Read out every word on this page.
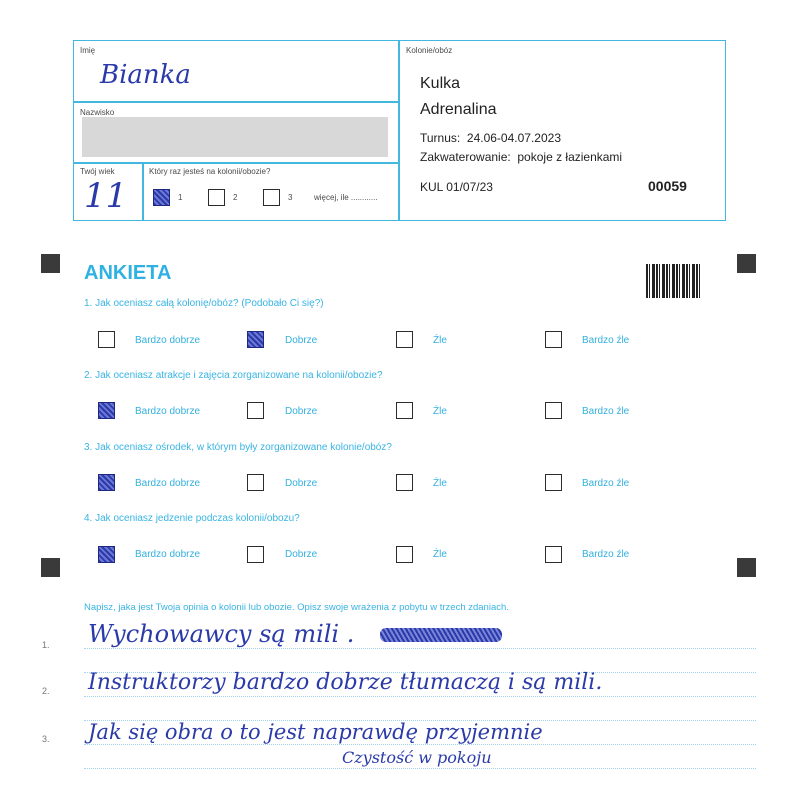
Imię
Bianka
Nazwisko
Twój wiek
11
Który raz jesteś na kolonii/obozie?
1	2	3	więcej, ile ............
Kolonie/obóz
Kulka
Adrenalina
Turnus:  24.06-04.07.2023
Zakwaterowanie:  pokoje z łazienkami
KUL 01/07/23	00059
ANKIETA
1. Jak oceniasz całą kolonię/obóz? (Podobało Ci się?)
Bardzo dobrze	Dobrze	Źle	Bardzo źle
2. Jak oceniasz atrakcje i zajęcia zorganizowane na kolonii/obozie?
Bardzo dobrze	Dobrze	Źle	Bardzo źle
3. Jak oceniasz ośrodek, w którym były zorganizowane kolonie/obóz?
Bardzo dobrze	Dobrze	Źle	Bardzo źle
4. Jak oceniasz jedzenie podczas kolonii/obozu?
Bardzo dobrze	Dobrze	Źle	Bardzo źle
Napisz, jaka jest Twoja opinia o kolonii lub obozie. Opisz swoje wrażenia z pobytu w trzech zdaniach.
1.
2.
3.
Wychowawcy są mili .
Instruktorzy bardzo dobrze tłumaczą i są mili.
Jak się obra o to jest naprawdę przyjemnie
Czystość w pokoju
